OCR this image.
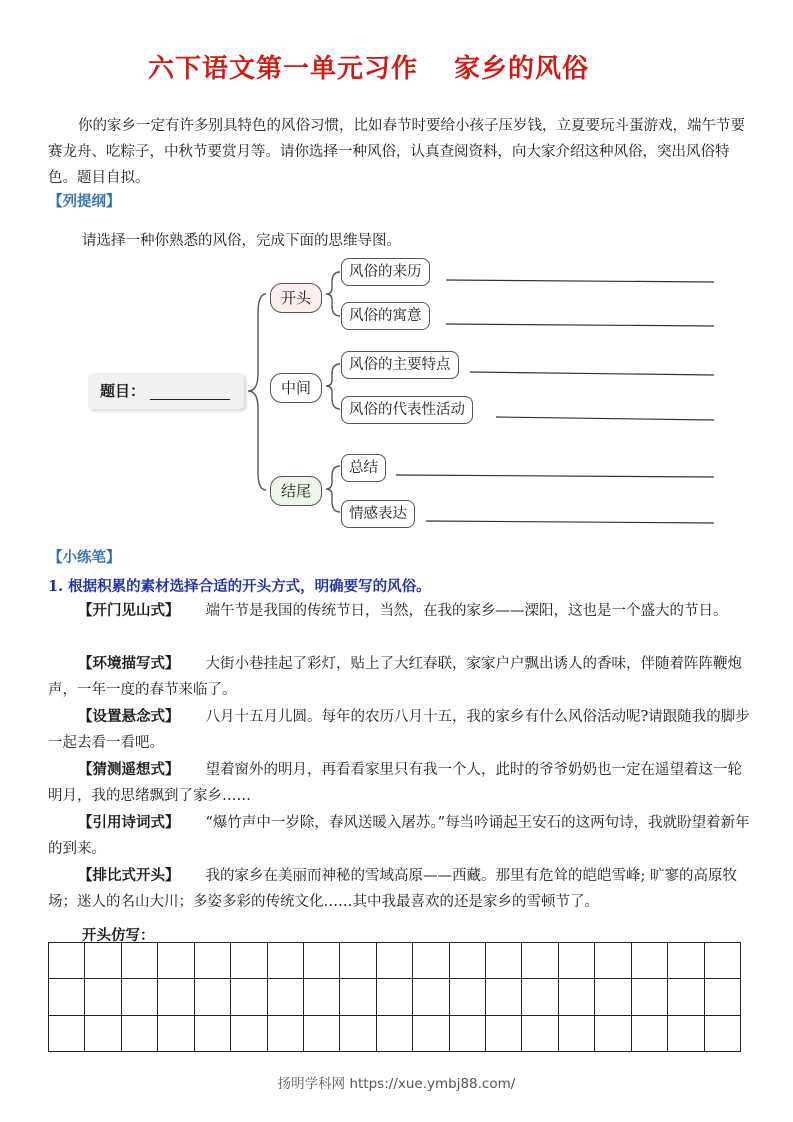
六下语文第一单元习作 家乡的风俗
你的家乡一定有许多别具特色的风俗习惯，比如春节时要给小孩子压岁钱，立夏要玩斗蛋游戏，端午节要赛龙舟、吃粽子，中秋节要赏月等。请你选择一种风俗，认真查阅资料，向大家介绍这种风俗，突出风俗特色。题目自拟。
【列提纲】
请选择一种你熟悉的风俗，完成下面的思维导图。
题目：
开头
中间
结尾
风俗的来历
风俗的寓意
风俗的主要特点
风俗的代表性活动
总结
情感表达
【小练笔】
1. 根据积累的素材选择合适的开头方式，明确要写的风俗。
【开门见山式】 端午节是我国的传统节日，当然，在我的家乡——溧阳，这也是一个盛大的节日。
【环境描写式】 大街小巷挂起了彩灯，贴上了大红春联，家家户户飘出诱人的香味，伴随着阵阵鞭炮声，一年一度的春节来临了。
【设置悬念式】 八月十五月儿圆。每年的农历八月十五，我的家乡有什么风俗活动呢?请跟随我的脚步一起去看一看吧。
【猜测遥想式】 望着窗外的明月，再看看家里只有我一个人，此时的爷爷奶奶也一定在遥望着这一轮明月，我的思绪飘到了家乡……
【引用诗词式】 “爆竹声中一岁除，春风送暖入屠苏。”每当吟诵起王安石的这两句诗，我就盼望着新年的到来。
【排比式开头】 我的家乡在美丽而神秘的雪域高原——西藏。那里有危耸的皑皑雪峰; 旷寥的高原牧场；迷人的名山大川；多姿多彩的传统文化……其中我最喜欢的还是家乡的雪顿节了。
开头仿写：
扬明学科网 https://xue.ymbj88.com/
